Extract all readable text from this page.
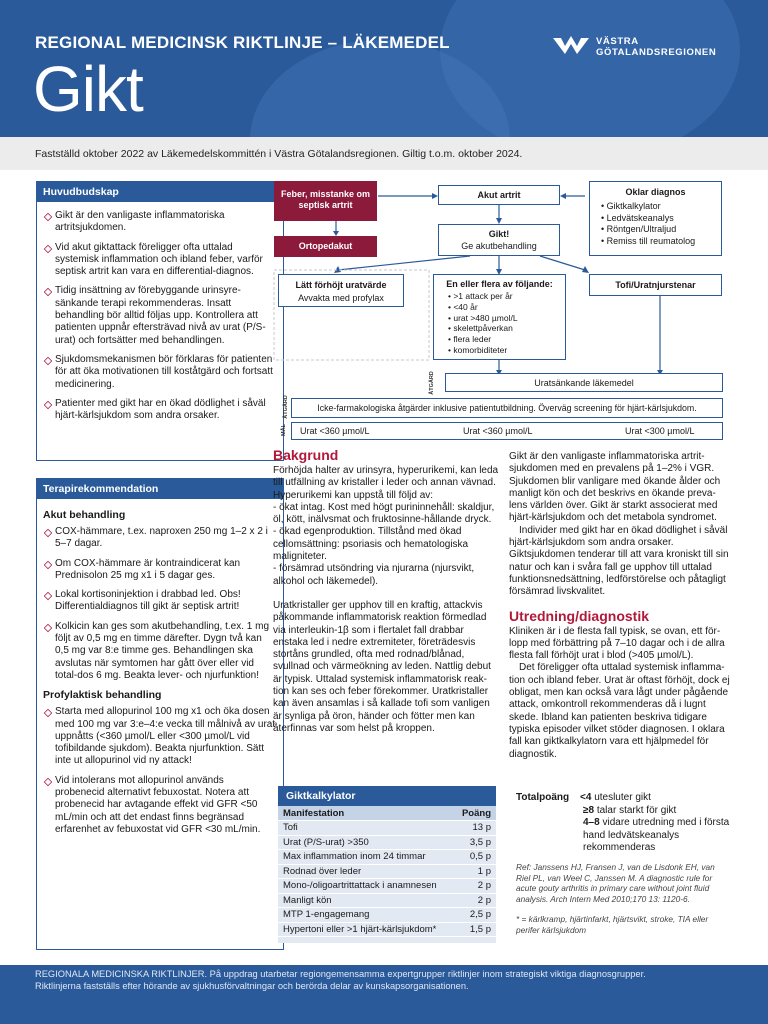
REGIONAL MEDICINSK RIKTLINJE – LÄKEMEDEL
Gikt
VÄSTRA
GÖTALANDSREGIONEN
Fastställd oktober 2022 av Läkemedelskommittén i Västra Götalandsregionen. Giltig t.o.m. oktober 2024.
Huvudbudskap
Gikt är den vanligaste inflammatoriska artritsjukdomen.
Vid akut giktattack föreligger ofta uttalad systemisk inflammation och ibland feber, varför septisk artrit kan vara en differential-diagnos.
Tidig insättning av förebyggande urinsyre-sänkande terapi rekommenderas. Insatt behandling bör alltid följas upp. Kontrollera att patienten uppnår eftersträvad nivå av urat (P/S-urat) och fortsätter med behandlingen.
Sjukdomsmekanismen bör förklaras för patienten för att öka motivationen till koståtgärd och fortsatt medicinering.
Patienter med gikt har en ökad dödlighet i såväl hjärt-kärlsjukdom som andra orsaker.
Terapirekommendation
Akut behandling
COX-hämmare, t.ex. naproxen 250 mg 1–2 x 2 i 5–7 dagar.
Om COX-hämmare är kontraindicerat kan Prednisolon 25 mg x1 i 5 dagar ges.
Lokal kortisoninjektion i drabbad led. Obs! Differentialdiagnos till gikt är septisk artrit!
Kolkicin kan ges som akutbehandling, t.ex. 1 mg följt av 0,5 mg en timme därefter. Dygn två kan 0,5 mg var 8:e timme ges. Behandlingen ska avslutas när symtomen har gått över eller vid total-dos 6 mg. Beakta lever- och njurfunktion!
Profylaktisk behandling
Starta med allopurinol 100 mg x1 och öka dosen med 100 mg var 3:e–4:e vecka till målnivå av urat uppnåtts (<360 µmol/L eller <300 µmol/L vid tofibildande sjukdom). Beakta njurfunktion. Sätt inte ut allopurinol vid ny attack!
Vid intolerans mot allopurinol används probenecid alternativt febuxostat. Notera att probenecid har avtagande effekt vid GFR <50 mL/min och att det endast finns begränsad erfarenhet av febuxostat vid GFR <30 mL/min.
Feber, misstanke om septisk artrit
Ortopedakut
Akut artrit	Oklar diagnos
• Giktkalkylator
• Ledvätskeanalys
• Röntgen/Ultraljud
• Remiss till reumatolog
Gikt!
Ge akutbehandling
Lätt förhöjt uratvärde
Avvakta med profylax
En eller flera av följande:
• >1 attack per år
• <40 år
• urat >480 µmol/L
• skelettpåverkan
• flera leder
• komorbiditeter
Tofi/Uratnjurstenar
ÅTGÄRD	Uratsänkande läkemedel
ÅTGÄRD	Icke-farmakologiska åtgärder inklusive patientutbildning. Överväg screening för hjärt-kärlsjukdom.
MÅL Urat <360 µmol/L	Urat <360 µmol/L	Urat <300 µmol/L
Bakgrund
Förhöjda halter av urinsyra, hyperurikemi, kan leda till utfällning av kristaller i leder och annan vävnad. Hyperurikemi kan uppstå till följd av:
- ökat intag. Kost med högt purininnehåll: skaldjur, öl, kött, inälvsmat och fruktosinne-hållande dryck.
- ökad egenproduktion. Tillstånd med ökad cellomsättning: psoriasis och hematologiska maligniteter.
- försämrad utsöndring via njurarna (njursvikt, alkohol och läkemedel).
Uratkristaller ger upphov till en kraftig, attackvis påkommande inflammatorisk reaktion förmedlad via interleukin-1β som i flertalet fall drabbar enstaka led i nedre extremiteter, företrädesvis stortåns grundled, ofta med rodnad/blånad, svullnad och värmeökning av leden. Nattlig debut är typisk. Uttalad systemisk inflammatorisk reak-tion kan ses och feber förekommer. Uratkristaller kan även ansamlas i så kallade tofi som vanligen är synliga på öron, händer och fötter men kan återfinnas var som helst på kroppen.
Gikt är den vanligaste inflammatoriska artrit-sjukdomen med en prevalens på 1–2% i VGR. Sjukdomen blir vanligare med ökande ålder och manligt kön och det beskrivs en ökande preva-lens världen över. Gikt är starkt associerat med hjärt-kärlsjukdom och det metabola syndromet.
Individer med gikt har en ökad dödlighet i såväl hjärt-kärlsjukdom som andra orsaker. Giktsjukdomen tenderar till att vara kroniskt till sin natur och kan i svåra fall ge upphov till uttalad funktionsnedsättning, ledförstörelse och påtagligt försämrad livskvalitet.
Utredning/diagnostik
Kliniken är i de flesta fall typisk, se ovan, ett för-lopp med förbättring på 7–10 dagar och i de allra flesta fall förhöjt urat i blod (>405 µmol/L).
Det föreligger ofta uttalad systemisk inflamma-tion och ibland feber. Urat är oftast förhöjt, dock ej obligat, men kan också vara lågt under pågående attack, omkontroll rekommenderas då i lugnt skede. Ibland kan patienten beskriva tidigare typiska episoder vilket stöder diagnosen. I oklara fall kan giktkalkylatorn vara ett hjälpmedel för diagnostik.
Giktkalkylator
Manifestation	Poäng
Tofi	13 p
Urat (P/S-urat) >350	3,5 p
Max inflammation inom 24 timmar	0,5 p
Rodnad över leder	1 p
Mono-/oligoartrittattack i anamnesen	2 p
Manligt kön	2 p
MTP 1-engagemang	2,5 p
Hypertoni eller >1 hjärt-kärlsjukdom*	1,5 p
Totalpoäng <4 utesluter gikt
≥8 talar starkt för gikt
4–8 vidare utredning med i första hand ledvätskeanalys rekommenderas
Ref: Janssens HJ, Fransen J, van de Lisdonk EH, van Riel PL, van Weel C, Janssen M. A diagnostic rule for acute gouty arthritis in primary care without joint fluid analysis. Arch Intern Med 2010;170 13: 1120-6.
* = kärlkramp, hjärtinfarkt, hjärtsvikt, stroke, TIA eller perifer kärlsjukdom
REGIONALA MEDICINSKA RIKTLINJER. På uppdrag utarbetar regiongemensamma expertgrupper riktlinjer inom strategiskt viktiga diagnosgrupper.
Riktlinjerna fastställs efter hörande av sjukhusförvaltningar och berörda delar av kunskapsorganisationen.
